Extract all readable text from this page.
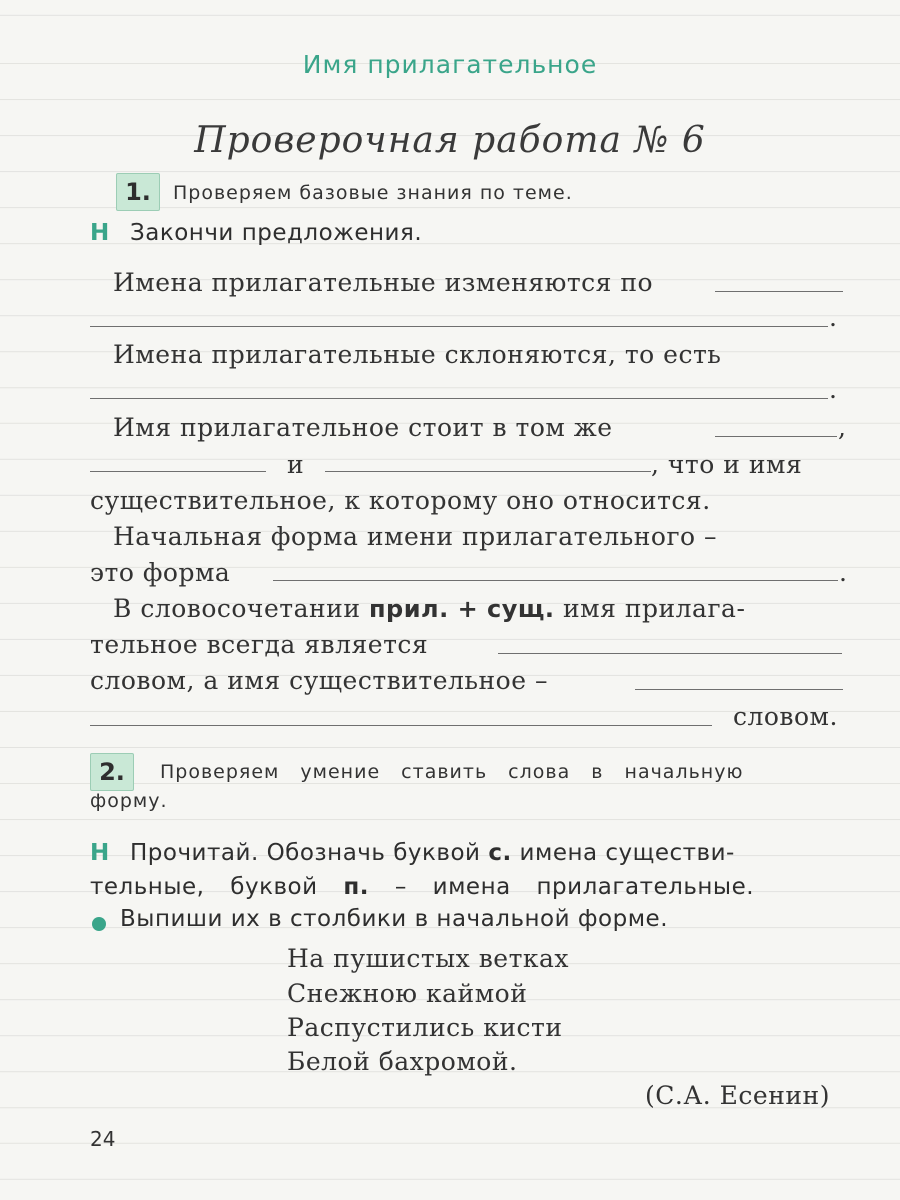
Имя прилагательное
Проверочная работа № 6
1.	Проверяем базовые знания по теме.
Н Закончи предложения.
Имена прилагательные изменяются по
.
Имена прилагательные склоняются, то есть
.
Имя прилагательное стоит в том же	,
и	, что и имя
существительное, к которому оно относится.
Начальная форма имени прилагательного –
это форма	.
В словосочетании прил. + сущ. имя прилага-
тельное всегда является
словом, а имя существительное –
словом.
2.	Проверяем умение ставить слова в начальную
форму.
Н Прочитай. Обозначь буквой с. имена существи-
тельные, буквой п. – имена прилагательные.
Выпиши их в столбики в начальной форме.
На пушистых ветках
Снежною каймой
Распустились кисти
Белой бахромой.
(С.А. Есенин)
24
